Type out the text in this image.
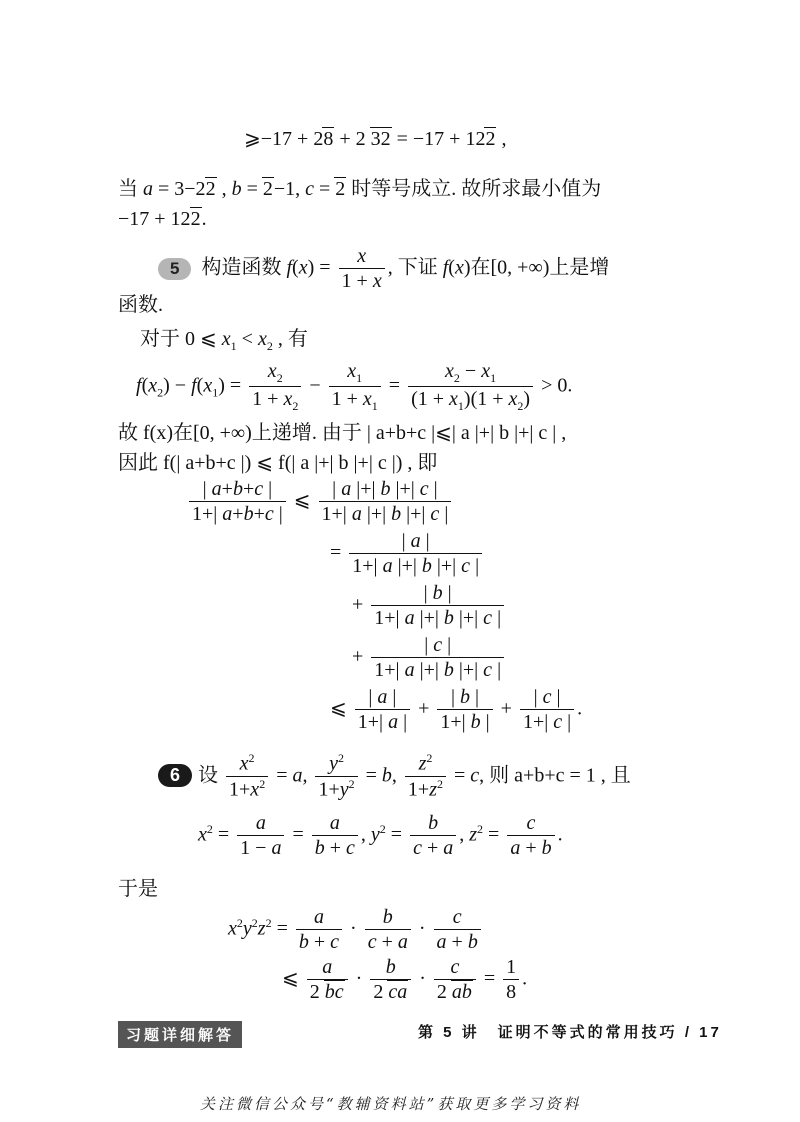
⩾−17 + 28 + 2 32 = −17 + 122 ,
当 a = 3−22 , b = 2−1, c = 2 时等号成立. 故所求最小值为
−17 + 122.
5 构造函数 $f(x) = \frac{x}{1 + x}$ , 下证 f(x)在[0, +∞)上是增
函数.
对于 0 ⩽ $x_1 < x_2$ , 有
$f(x_2) - f(x_1) = \frac{x_2}{1 + x_2} - \frac{x_1}{1 + x_1} = \frac{x_2 - x_1}{(1 + x_1)(1 + x_2)} > 0$.
故 f(x)在[0, +∞)上递增. 由于 | a+b+c |⩽| a |+| b |+| c | ,
因此 f(| a+b+c |) ⩽ f(| a |+| b |+| c |) , 即
$\frac{| a+b+c |}{1+| a+b+c |}$ ⩽ $\frac{| a |+| b |+| c |}{1+| a |+| b |+| c |}$
= $\frac{| a |}{1+| a |+| b |+| c |}$
+ $\frac{| b |}{1+| a |+| b |+| c |}$
+ $\frac{| c |}{1+| a |+| b |+| c |}$
⩽ $\frac{| a |}{1+| a |} + \frac{| b |}{1+| b |} + \frac{| c |}{1+| c |}$ .
6 设 $\frac{x^2}{1+x^2} = a$, $\frac{y^2}{1+y^2} = b$, $\frac{z^2}{1+z^2} = c$, 则 a+b+c = 1 , 且
$x^2 = \frac{a}{1 - a} = \frac{a}{b + c}$ , $y^2 = \frac{b}{c + a}$ , $z^2 = \frac{c}{a + b}$ .
于是
$x^2y^2z^2 = \frac{a}{b + c} \cdot \frac{b}{c + a} \cdot \frac{c}{a + b}$
⩽ $\frac{a}{2 bc} \cdot \frac{b}{2 ca} \cdot \frac{c}{2 ab} = \frac{1}{8}$ .
习题详细解答	第 5 讲　证明不等式的常用技巧 / 17
关注微信公众号“教辅资料站”获取更多学习资料
